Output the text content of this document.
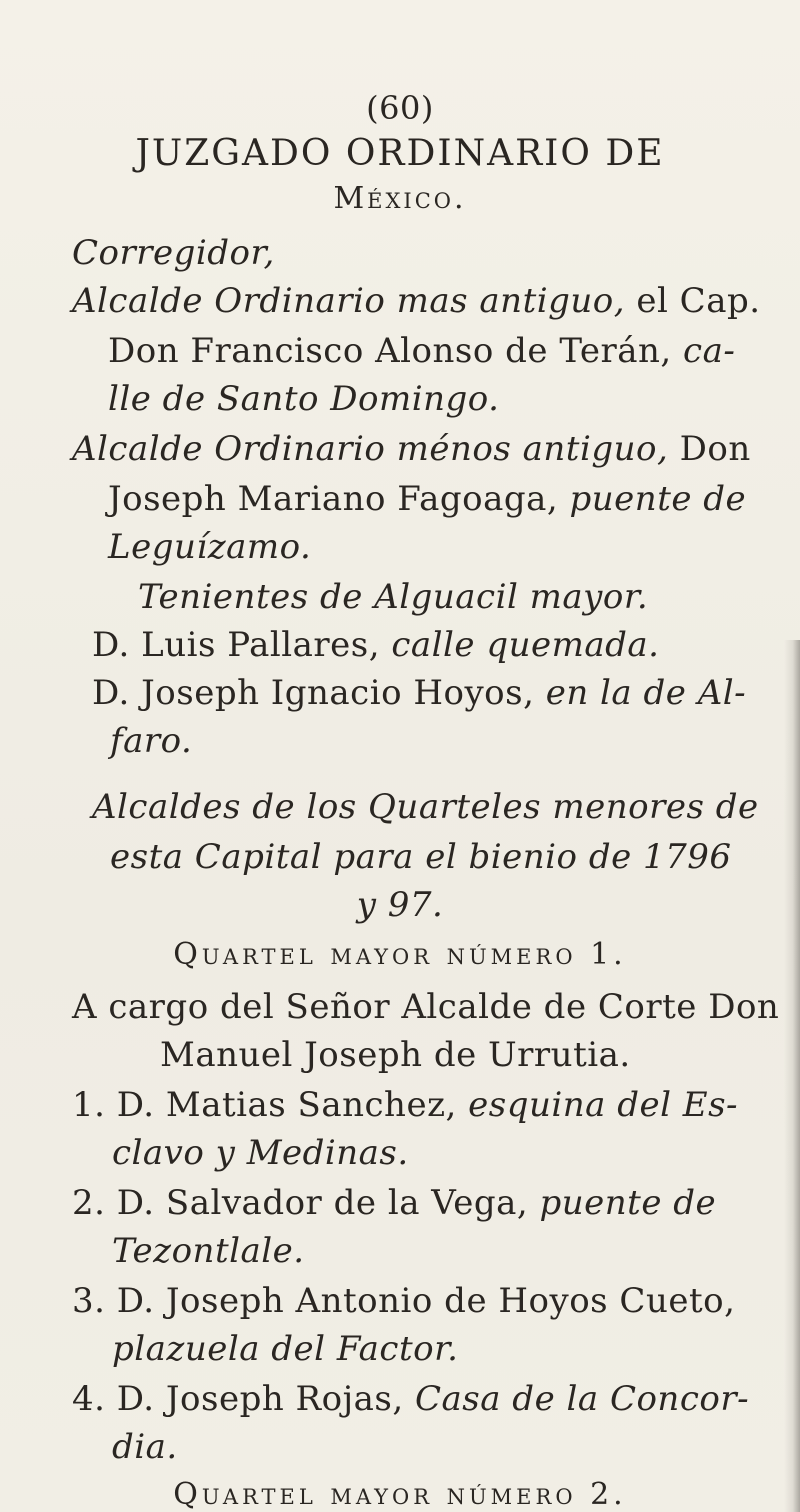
(60)
JUZGADO ORDINARIO DE
México.
Corregidor,
Alcalde Ordinario mas antiguo, el Cap.
Don Francisco Alonso de Terán, ca-
lle de Santo Domingo.
Alcalde Ordinario ménos antiguo, Don
Joseph Mariano Fagoaga, puente de
Leguízamo.
Tenientes de Alguacil mayor.
D. Luis Pallares, calle quemada.
D. Joseph Ignacio Hoyos, en la de Al-
faro.
Alcaldes de los Quarteles menores de
esta Capital para el bienio de 1796
y 97.
Quartel mayor número 1.
A cargo del Señor Alcalde de Corte Don
Manuel Joseph de Urrutia.
1. D. Matias Sanchez, esquina del Es-
clavo y Medinas.
2. D. Salvador de la Vega, puente de
Tezontlale.
3. D. Joseph Antonio de Hoyos Cueto,
plazuela del Factor.
4. D. Joseph Rojas, Casa de la Concor-
dia.
Quartel mayor número 2.
